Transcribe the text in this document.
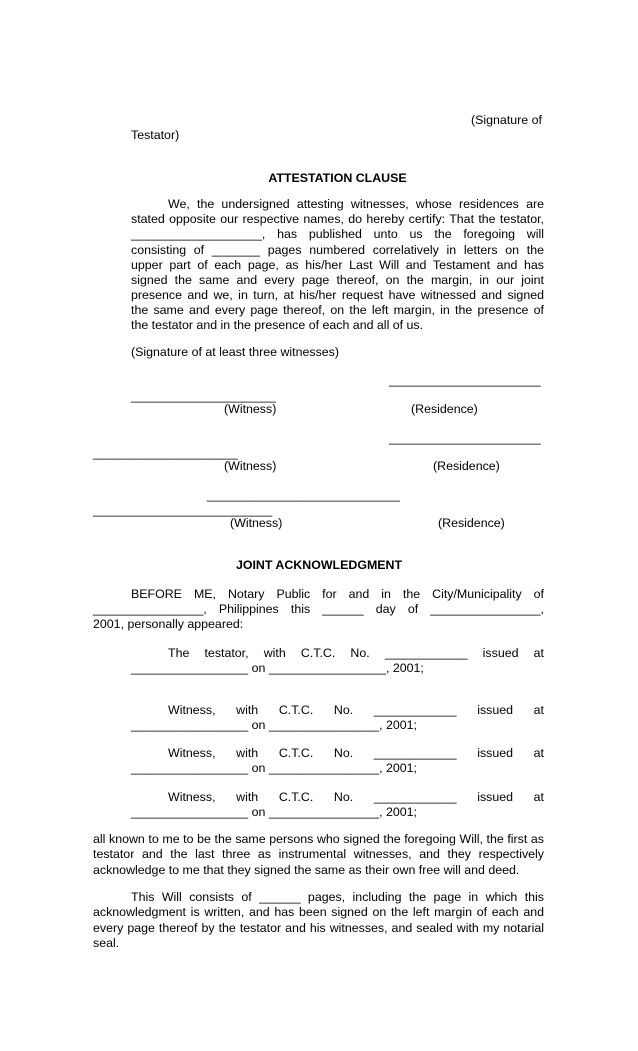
(Signature of
Testator)
ATTESTATION CLAUSE
We, the undersigned attesting witnesses, whose residences are
stated opposite our respective names, do hereby certify: That the testator,
___________________, has published unto us the foregoing will
consisting of _______ pages numbered correlatively in letters on the
upper part of each page, as his/her Last Will and Testament and has
signed the same and every page thereof, on the margin, in our joint
presence and we, in turn, at his/her request have witnessed and signed
the same and every page thereof, on the left margin, in the presence of
the testator and in the presence of each and all of us.
(Signature of at least three witnesses)
______________________
_____________________
(Witness)	(Residence)
______________________
_____________________
(Witness)	(Residence)
____________________________
__________________________
(Witness)	(Residence)
JOINT ACKNOWLEDGMENT
BEFORE ME, Notary Public for and in the City/Municipality of
________________, Philippines this ______ day of ________________,
2001, personally appeared:
The testator, with C.T.C. No. ____________ issued at
_________________ on _________________, 2001;
Witness, with C.T.C. No. ____________ issued at
_________________ on ________________, 2001;
Witness, with C.T.C. No. ____________ issued at
_________________ on ________________, 2001;
Witness, with C.T.C. No. ____________ issued at
_________________ on ________________, 2001;

all known to me to be the same persons who signed the foregoing Will, the first as testator and the last three as instrumental witnesses, and they respectively acknowledge to me that they signed the same as their own free will and deed.

This Will consists of ______ pages, including the page in which this acknowledgment is written, and has been signed on the left margin of each and every page thereof by the testator and his witnesses, and sealed with my notarial seal.
